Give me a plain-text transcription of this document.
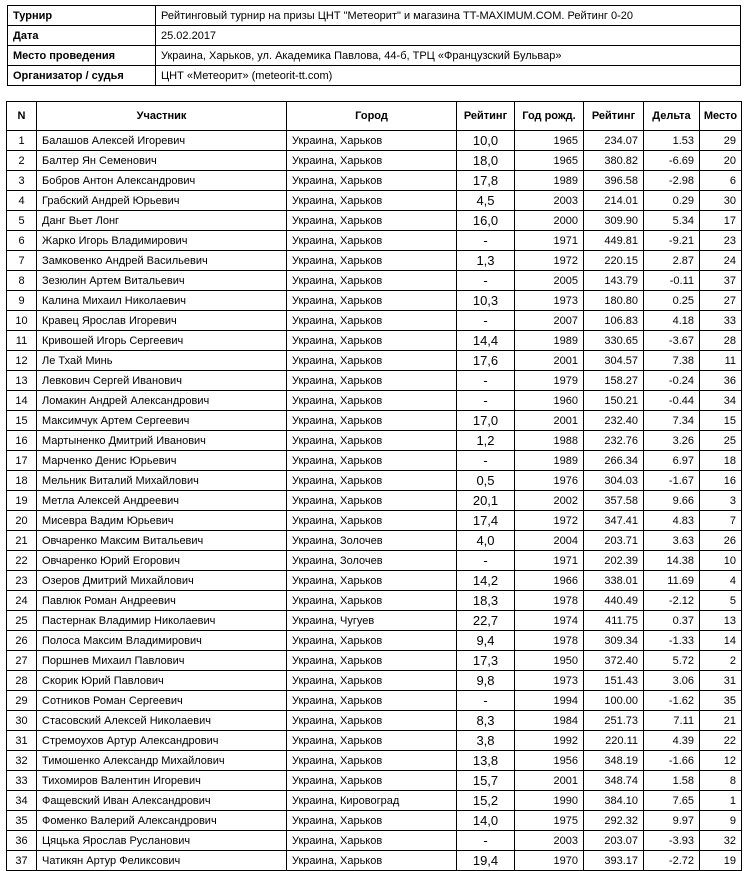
Турнир	Рейтинговый турнир на призы ЦНТ "Метеорит" и магазина TT-MAXIMUM.COM. Рейтинг 0-20
Дата	25.02.2017
Место проведения	Украина, Харьков, ул. Академика Павлова, 44-б, ТРЦ «Французский Бульвар»
Организатор / судья	ЦНТ «Метеорит» (meteorit-tt.com)
N	Участник	Город	Рейтинг	Год рожд.	Рейтинг	Дельта	Место
1	Балашов Алексей Игоревич	Украина, Харьков	10,0	1965	234.07	1.53	29
2	Балтер Ян Семенович	Украина, Харьков	18,0	1965	380.82	-6.69	20
3	Бобров Антон Александрович	Украина, Харьков	17,8	1989	396.58	-2.98	6
4	Грабский Андрей Юрьевич	Украина, Харьков	4,5	2003	214.01	0.29	30
5	Данг Вьет Лонг	Украина, Харьков	16,0	2000	309.90	5.34	17
6	Жарко Игорь Владимирович	Украина, Харьков	-	1971	449.81	-9.21	23
7	Замковенко Андрей Васильевич	Украина, Харьков	1,3	1972	220.15	2.87	24
8	Зезюлин Артем Витальевич	Украина, Харьков	-	2005	143.79	-0.11	37
9	Калина Михаил Николаевич	Украина, Харьков	10,3	1973	180.80	0.25	27
10	Кравец Ярослав Игоревич	Украина, Харьков	-	2007	106.83	4.18	33
11	Кривошей Игорь Сергеевич	Украина, Харьков	14,4	1989	330.65	-3.67	28
12	Ле Тхай Минь	Украина, Харьков	17,6	2001	304.57	7.38	11
13	Левкович Сергей Иванович	Украина, Харьков	-	1979	158.27	-0.24	36
14	Ломакин Андрей Александрович	Украина, Харьков	-	1960	150.21	-0.44	34
15	Максимчук Артем Сергеевич	Украина, Харьков	17,0	2001	232.40	7.34	15
16	Мартыненко Дмитрий Иванович	Украина, Харьков	1,2	1988	232.76	3.26	25
17	Марченко Денис Юрьевич	Украина, Харьков	-	1989	266.34	6.97	18
18	Мельник Виталий Михайлович	Украина, Харьков	0,5	1976	304.03	-1.67	16
19	Метла Алексей Андреевич	Украина, Харьков	20,1	2002	357.58	9.66	3
20	Мисевра Вадим Юрьевич	Украина, Харьков	17,4	1972	347.41	4.83	7
21	Овчаренко Максим Витальевич	Украина, Золочев	4,0	2004	203.71	3.63	26
22	Овчаренко Юрий Егорович	Украина, Золочев	-	1971	202.39	14.38	10
23	Озеров Дмитрий Михайлович	Украина, Харьков	14,2	1966	338.01	11.69	4
24	Павлюк Роман Андреевич	Украина, Харьков	18,3	1978	440.49	-2.12	5
25	Пастернак Владимир Николаевич	Украина, Чугуев	22,7	1974	411.75	0.37	13
26	Полоса Максим Владимирович	Украина, Харьков	9,4	1978	309.34	-1.33	14
27	Поршнев Михаил Павлович	Украина, Харьков	17,3	1950	372.40	5.72	2
28	Скорик Юрий Павлович	Украина, Харьков	9,8	1973	151.43	3.06	31
29	Сотников Роман Сергеевич	Украина, Харьков	-	1994	100.00	-1.62	35
30	Стасовский Алексей Николаевич	Украина, Харьков	8,3	1984	251.73	7.11	21
31	Стремоухов Артур Александрович	Украина, Харьков	3,8	1992	220.11	4.39	22
32	Тимошенко Александр Михайлович	Украина, Харьков	13,8	1956	348.19	-1.66	12
33	Тихомиров Валентин Игоревич	Украина, Харьков	15,7	2001	348.74	1.58	8
34	Фащевский Иван Александрович	Украина, Кировоград	15,2	1990	384.10	7.65	1
35	Фоменко Валерий Александрович	Украина, Харьков	14,0	1975	292.32	9.97	9
36	Цяцька Ярослав Русланович	Украина, Харьков	-	2003	203.07	-3.93	32
37	Чатикян Артур Феликсович	Украина, Харьков	19,4	1970	393.17	-2.72	19
